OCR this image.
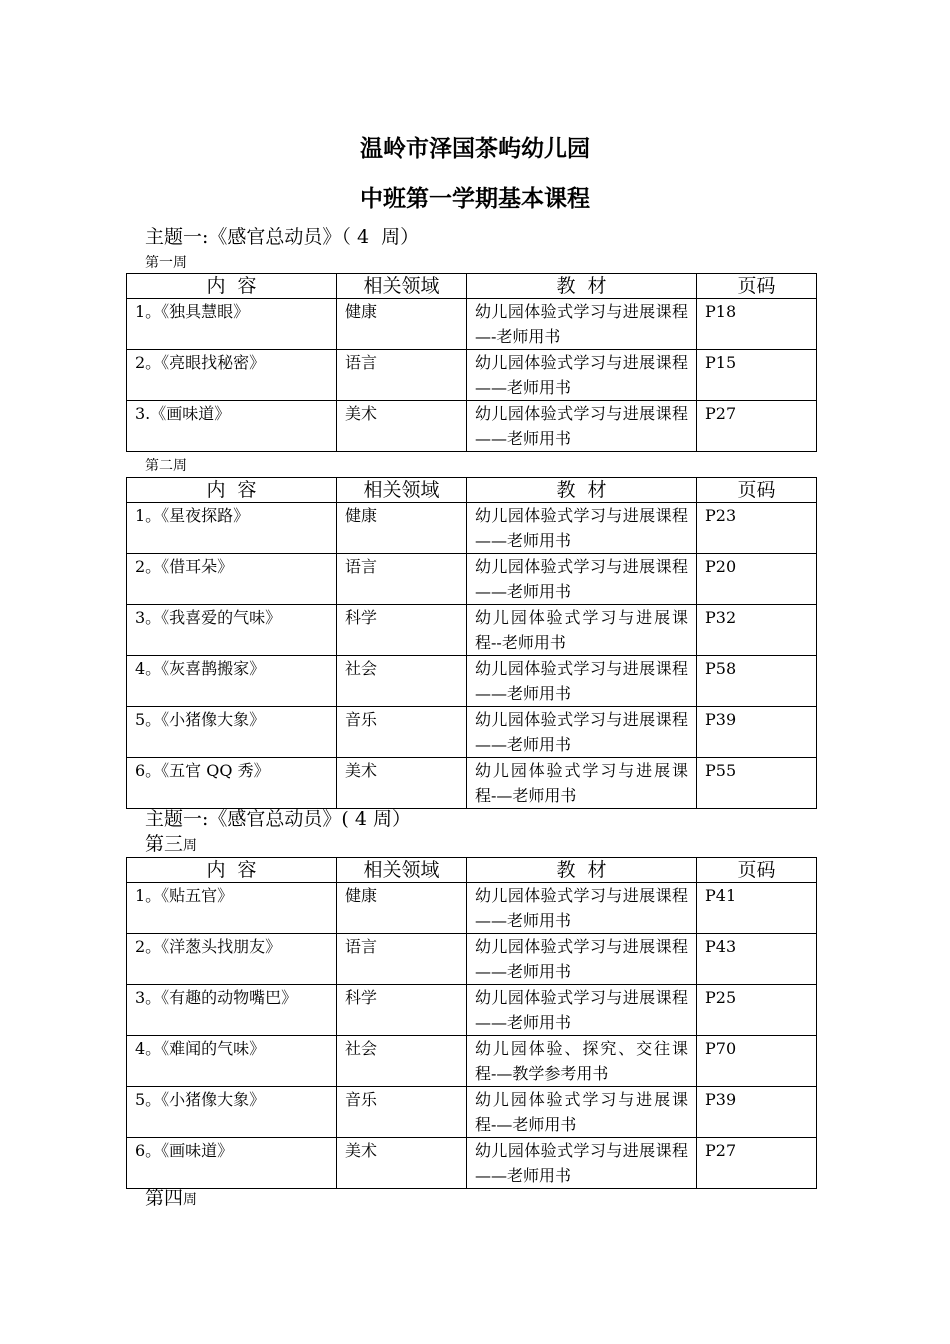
温岭市泽国茶屿幼儿园
中班第一学期基本课程
主题一:《感官总动员》（ 4  周）
第一周
内  容	相关领域	教  材	页码
1。《独具慧眼》	健康	幼儿园体验式学习与进展课程—-老师用书	P18
2。《亮眼找秘密》	语言	幼儿园体验式学习与进展课程——老师用书	P15
3.《画味道》	美术	幼儿园体验式学习与进展课程——老师用书	P27
第二周
内  容	相关领域	教  材	页码
1。《星夜探路》	健康	幼儿园体验式学习与进展课程——老师用书	P23
2。《借耳朵》	语言	幼儿园体验式学习与进展课程——老师用书	P20
3。《我喜爱的气味》	科学	幼儿园体验式学习与进展课程--老师用书	P32
4。《灰喜鹊搬家》	社会	幼儿园体验式学习与进展课程——老师用书	P58
5。《小猪像大象》	音乐	幼儿园体验式学习与进展课程——老师用书	P39
6。《五官 QQ 秀》	美术	幼儿园体验式学习与进展课程-—老师用书	P55
主题一:《感官总动员》( 4 周）
第三周
内  容	相关领域	教  材	页码
1。《贴五官》	健康	幼儿园体验式学习与进展课程——老师用书	P41
2。《洋葱头找朋友》	语言	幼儿园体验式学习与进展课程——老师用书	P43
3。《有趣的动物嘴巴》	科学	幼儿园体验式学习与进展课程——老师用书	P25
4。《难闻的气味》	社会	幼儿园体验、探究、交往课程-—教学参考用书	P70
5。《小猪像大象》	音乐	幼儿园体验式学习与进展课程-—老师用书	P39
6。《画味道》	美术	幼儿园体验式学习与进展课程——老师用书	P27
第四周
